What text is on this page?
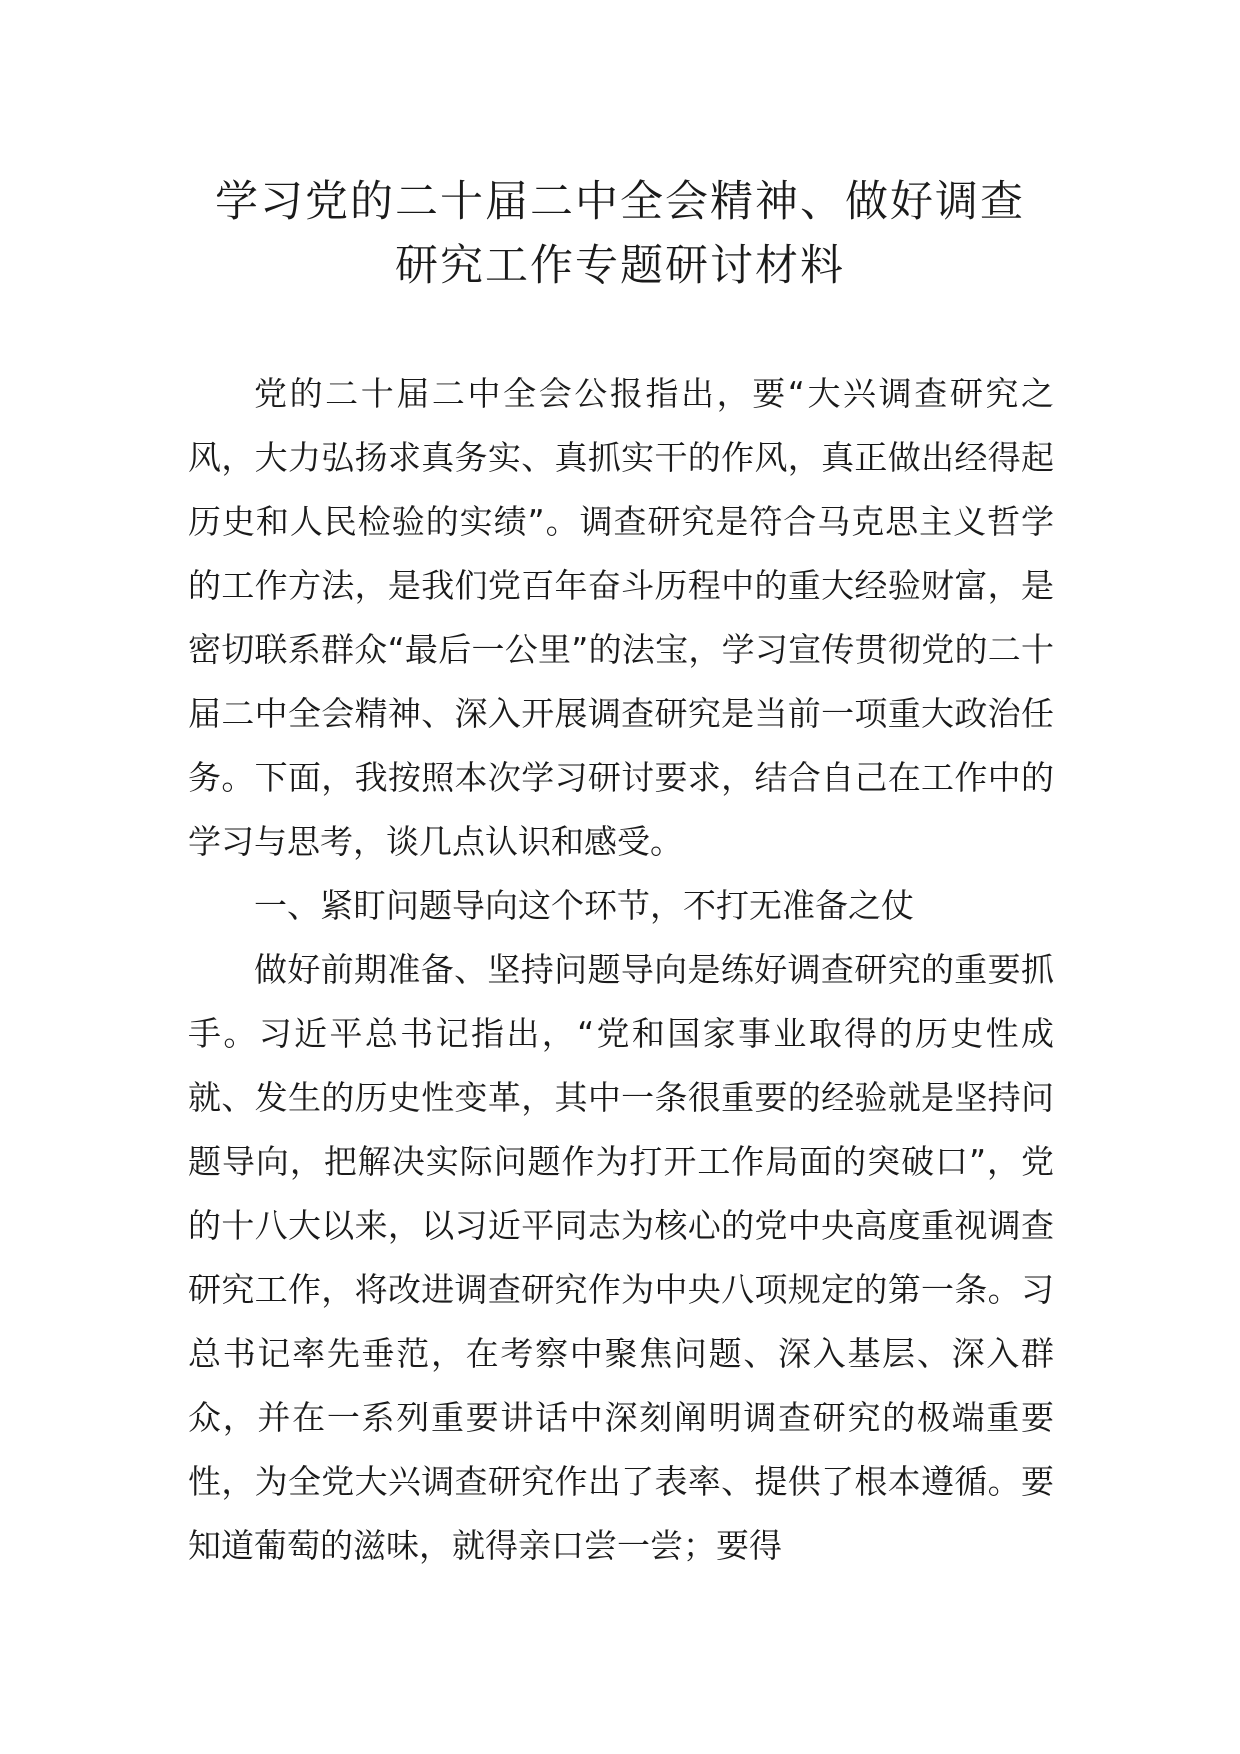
学习党的二十届二中全会精神、做好调查
研究工作专题研讨材料

党的二十届二中全会公报指出，要“大兴调查研究之风，大力弘扬求真务实、真抓实干的作风，真正做出经得起历史和人民检验的实绩”。调查研究是符合马克思主义哲学的工作方法，是我们党百年奋斗历程中的重大经验财富，是密切联系群众“最后一公里”的法宝，学习宣传贯彻党的二十届二中全会精神、深入开展调查研究是当前一项重大政治任务。下面，我按照本次学习研讨要求，结合自己在工作中的学习与思考，谈几点认识和感受。

一、紧盯问题导向这个环节，不打无准备之仗

做好前期准备、坚持问题导向是练好调查研究的重要抓手。习近平总书记指出，“党和国家事业取得的历史性成就、发生的历史性变革，其中一条很重要的经验就是坚持问题导向，把解决实际问题作为打开工作局面的突破口”，党的十八大以来，以习近平同志为核心的党中央高度重视调查研究工作，将改进调查研究作为中央八项规定的第一条。习总书记率先垂范，在考察中聚焦问题、深入基层、深入群众，并在一系列重要讲话中深刻阐明调查研究的极端重要性，为全党大兴调查研究作出了表率、提供了根本遵循。要知道葡萄的滋味，就得亲口尝一尝；要得
